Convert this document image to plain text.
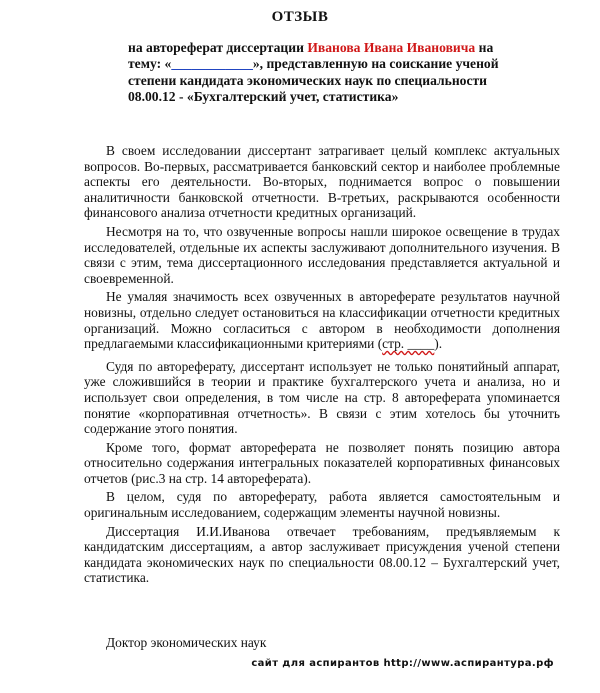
ОТЗЫВ
на автореферат диссертации Иванова Ивана Ивановича на тему: «____________», представленную на соискание ученой степени кандидата экономических наук по специальности 08.00.12 - «Бухгалтерский учет, статистика»

В своем исследовании диссертант затрагивает целый комплекс актуальных вопросов. Во-первых, рассматривается банковский сектор и наиболее проблемные аспекты его деятельности. Во-вторых, поднимается вопрос о повышении аналитичности банковской отчетности. В-третьих, раскрываются особенности финансового анализа отчетности кредитных организаций.

Несмотря на то, что озвученные вопросы нашли широкое освещение в трудах исследователей, отдельные их аспекты заслуживают дополнительного изучения. В связи с этим, тема диссертационного исследования представляется актуальной и своевременной.

Не умаляя значимость всех озвученных в автореферате результатов научной новизны, отдельно следует остановиться на классификации отчетности кредитных организаций. Можно согласиться с автором в необходимости дополнения предлагаемыми классификационными критериями (стр. ____).

Судя по автореферату, диссертант использует не только понятийный аппарат, уже сложившийся в теории и практике бухгалтерского учета и анализа, но и использует свои определения, в том числе на стр. 8 автореферата упоминается понятие «корпоративная отчетность». В связи с этим хотелось бы уточнить содержание этого понятия.

Кроме того, формат автореферата не позволяет понять позицию автора относительно содержания интегральных показателей корпоративных финансовых отчетов (рис.3 на стр. 14 автореферата).

В целом, судя по автореферату, работа является самостоятельным и оригинальным исследованием, содержащим элементы научной новизны.

Диссертация И.И.Иванова отвечает требованиям, предъявляемым к кандидатским диссертациям, а автор заслуживает присуждения ученой степени кандидата экономических наук по специальности 08.00.12 – Бухгалтерский учет, статистика.

Доктор экономических наук
сайт для аспирантов http://www.аспирантура.рф
